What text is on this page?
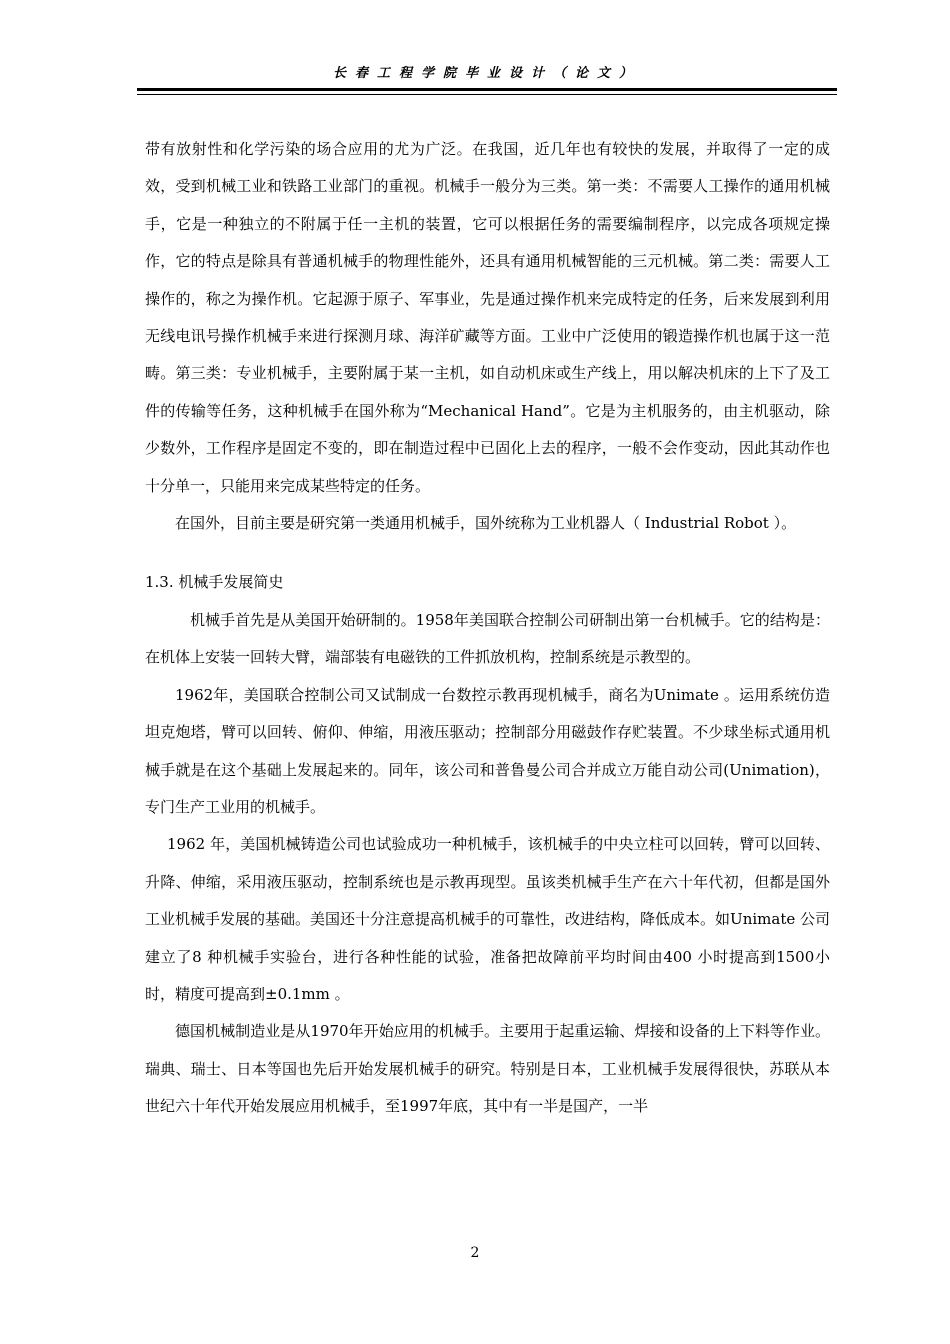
长春工程学院毕业设计（论文）

带有放射性和化学污染的场合应用的尤为广泛。在我国，近几年也有较快的发展，并取得了一定的成效，受到机械工业和铁路工业部门的重视。机械手一般分为三类。第一类：不需要人工操作的通用机械手，它是一种独立的不附属于任一主机的装置，它可以根据任务的需要编制程序，以完成各项规定操作，它的特点是除具有普通机械手的物理性能外，还具有通用机械智能的三元机械。第二类：需要人工操作的，称之为操作机。它起源于原子、军事业，先是通过操作机来完成特定的任务，后来发展到利用无线电讯号操作机械手来进行探测月球、海洋矿藏等方面。工业中广泛使用的锻造操作机也属于这一范畴。第三类：专业机械手，主要附属于某一主机，如自动机床或生产线上，用以解决机床的上下了及工件的传输等任务，这种机械手在国外称为“Mechanical Hand”。它是为主机服务的，由主机驱动，除少数外，工作程序是固定不变的，即在制造过程中已固化上去的程序，一般不会作变动，因此其动作也十分单一，只能用来完成某些特定的任务。

在国外，目前主要是研究第一类通用机械手，国外统称为工业机器人（ Industrial Robot ）。

1.3. 机械手发展简史

机械手首先是从美国开始研制的。1958年美国联合控制公司研制出第一台机械手。它的结构是：在机体上安装一回转大臂，端部装有电磁铁的工件抓放机构，控制系统是示教型的。

1962年，美国联合控制公司又试制成一台数控示教再现机械手，商名为Unimate 。运用系统仿造坦克炮塔，臂可以回转、俯仰、伸缩，用液压驱动；控制部分用磁鼓作存贮装置。不少球坐标式通用机械手就是在这个基础上发展起来的。同年，该公司和普鲁曼公司合并成立万能自动公司(Unimation)，专门生产工业用的机械手。

1962 年，美国机械铸造公司也试验成功一种机械手，该机械手的中央立柱可以回转，臂可以回转、升降、伸缩，采用液压驱动，控制系统也是示教再现型。虽该类机械手生产在六十年代初，但都是国外工业机械手发展的基础。美国还十分注意提高机械手的可靠性，改进结构，降低成本。如Unimate 公司建立了8 种机械手实验台，进行各种性能的试验，准备把故障前平均时间由400 小时提高到1500小时，精度可提高到±0.1mm 。

德国机械制造业是从1970年开始应用的机械手。主要用于起重运输、焊接和设备的上下料等作业。瑞典、瑞士、日本等国也先后开始发展机械手的研究。特别是日本，工业机械手发展得很快，苏联从本世纪六十年代开始发展应用机械手，至1997年底，其中有一半是国产，一半

2
